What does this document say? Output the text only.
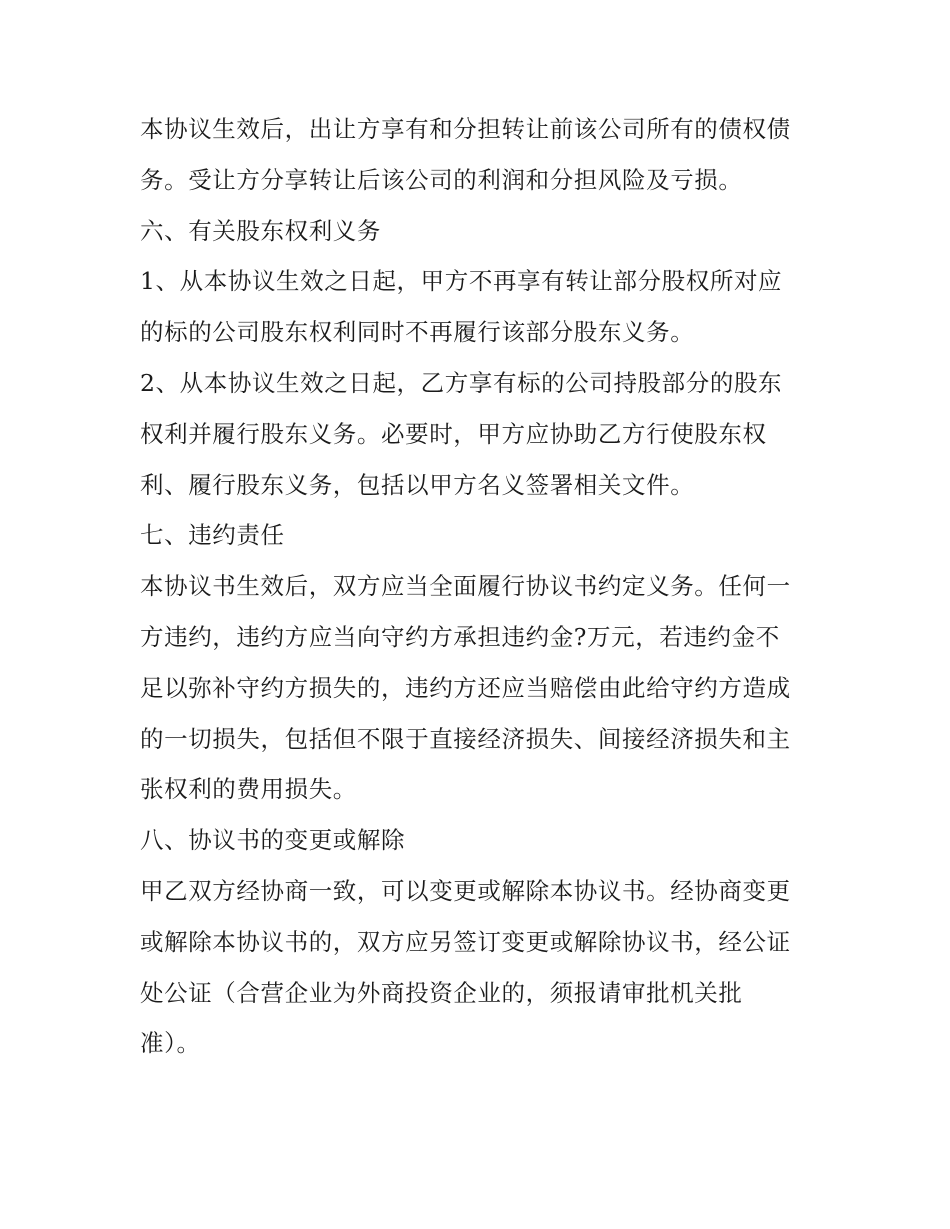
本协议生效后，出让方享有和分担转让前该公司所有的债权债

务。受让方分享转让后该公司的利润和分担风险及亏损。

六、有关股东权利义务

1、从本协议生效之日起，甲方不再享有转让部分股权所对应

的标的公司股东权利同时不再履行该部分股东义务。

2、从本协议生效之日起，乙方享有标的公司持股部分的股东

权利并履行股东义务。必要时，甲方应协助乙方行使股东权

利、履行股东义务，包括以甲方名义签署相关文件。

七、违约责任

本协议书生效后，双方应当全面履行协议书约定义务。任何一

方违约，违约方应当向守约方承担违约金?万元，若违约金不

足以弥补守约方损失的，违约方还应当赔偿由此给守约方造成

的一切损失，包括但不限于直接经济损失、间接经济损失和主

张权利的费用损失。

八、协议书的变更或解除

甲乙双方经协商一致，可以变更或解除本协议书。经协商变更

或解除本协议书的，双方应另签订变更或解除协议书，经公证

处公证（合营企业为外商投资企业的，须报请审批机关批

准）。
